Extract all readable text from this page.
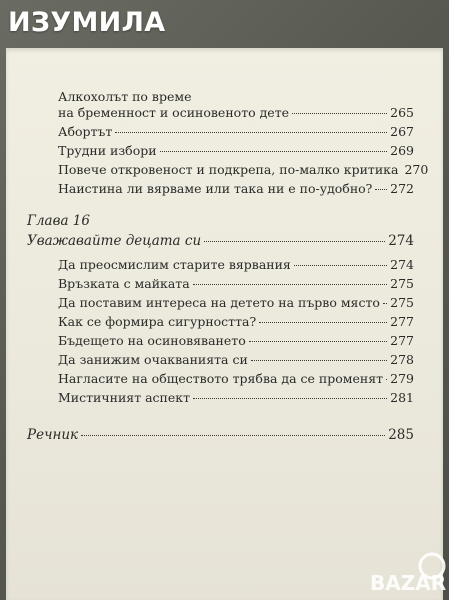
ИЗУМИЛА
Алкохолът по време
на бременност и осиновеното дете	265
Абортът	267
Трудни избори	269
Повече откровеност и подкрепа, по-малко критика 270
Наистина ли вярваме или така ни е по-удобно? 272
Глава 16
Уважавайте децата си	274
Да преосмислим старите вярвания	274
Връзката с майката	275
Да поставим интереса на детето на първо място 275
Как се формира сигурността?	277
Бъдещето на осиновяването	277
Да занижим очакванията си	278
Нагласите на обществото трябва да се променят 279
Мистичният аспект	281
Речник	285
BAZAR
